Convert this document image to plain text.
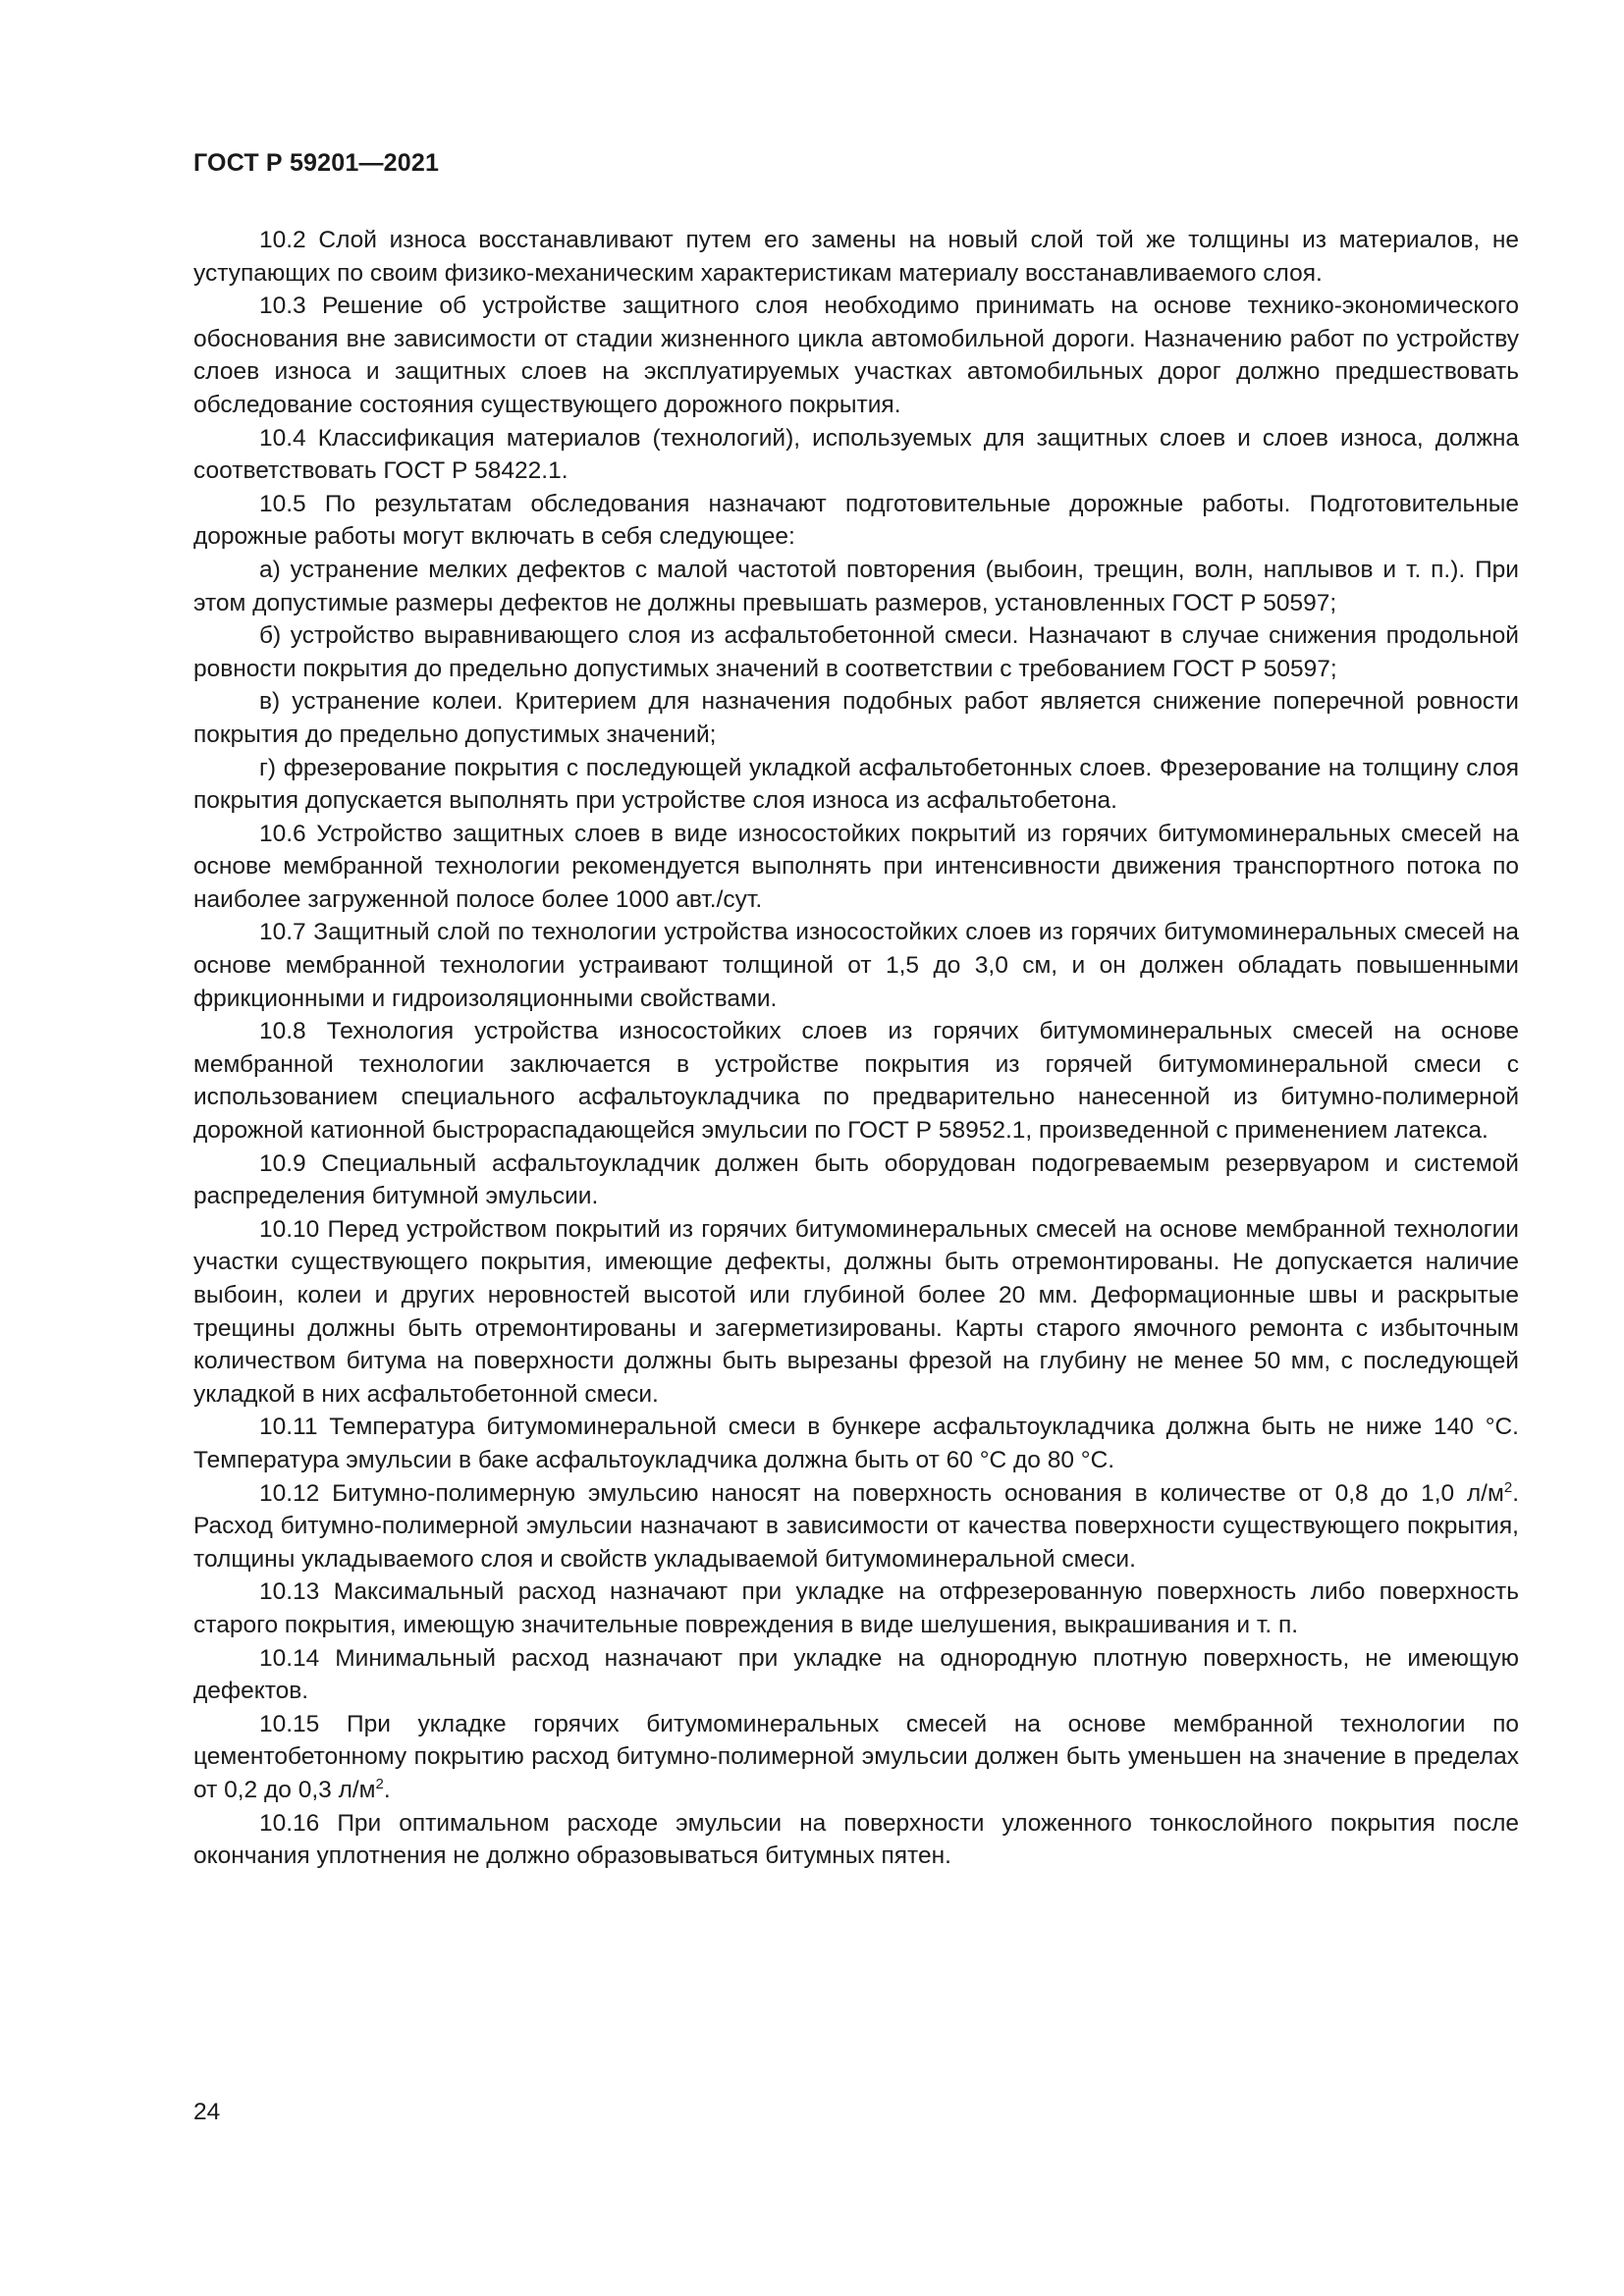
ГОСТ Р 59201—2021

10.2 Слой износа восстанавливают путем его замены на новый слой той же толщины из материалов, не уступающих по своим физико-механическим характеристикам материалу восстанавливаемого слоя.

10.3 Решение об устройстве защитного слоя необходимо принимать на основе технико-экономического обоснования вне зависимости от стадии жизненного цикла автомобильной дороги. Назначению работ по устройству слоев износа и защитных слоев на эксплуатируемых участках автомобильных дорог должно предшествовать обследование состояния существующего дорожного покрытия.

10.4 Классификация материалов (технологий), используемых для защитных слоев и слоев износа, должна соответствовать ГОСТ Р 58422.1.

10.5 По результатам обследования назначают подготовительные дорожные работы. Подготовительные дорожные работы могут включать в себя следующее:

а) устранение мелких дефектов с малой частотой повторения (выбоин, трещин, волн, наплывов и т. п.). При этом допустимые размеры дефектов не должны превышать размеров, установленных ГОСТ Р 50597;

б) устройство выравнивающего слоя из асфальтобетонной смеси. Назначают в случае снижения продольной ровности покрытия до предельно допустимых значений в соответствии с требованием ГОСТ Р 50597;

в) устранение колеи. Критерием для назначения подобных работ является снижение поперечной ровности покрытия до предельно допустимых значений;

г) фрезерование покрытия с последующей укладкой асфальтобетонных слоев. Фрезерование на толщину слоя покрытия допускается выполнять при устройстве слоя износа из асфальтобетона.

10.6 Устройство защитных слоев в виде износостойких покрытий из горячих битумоминеральных смесей на основе мембранной технологии рекомендуется выполнять при интенсивности движения транспортного потока по наиболее загруженной полосе более 1000 авт./сут.

10.7 Защитный слой по технологии устройства износостойких слоев из горячих битумоминеральных смесей на основе мембранной технологии устраивают толщиной от 1,5 до 3,0 см, и он должен обладать повышенными фрикционными и гидроизоляционными свойствами.

10.8 Технология устройства износостойких слоев из горячих битумоминеральных смесей на основе мембранной технологии заключается в устройстве покрытия из горячей битумоминеральной смеси с использованием специального асфальтоукладчика по предварительно нанесенной из битумно-полимерной дорожной катионной быстрораспадающейся эмульсии по ГОСТ Р 58952.1, произведенной с применением латекса.

10.9 Специальный асфальтоукладчик должен быть оборудован подогреваемым резервуаром и системой распределения битумной эмульсии.

10.10 Перед устройством покрытий из горячих битумоминеральных смесей на основе мембранной технологии участки существующего покрытия, имеющие дефекты, должны быть отремонтированы. Не допускается наличие выбоин, колеи и других неровностей высотой или глубиной более 20 мм. Деформационные швы и раскрытые трещины должны быть отремонтированы и загерметизированы. Карты старого ямочного ремонта с избыточным количеством битума на поверхности должны быть вырезаны фрезой на глубину не менее 50 мм, с последующей укладкой в них асфальтобетонной смеси.

10.11 Температура битумоминеральной смеси в бункере асфальтоукладчика должна быть не ниже 140 °С. Температура эмульсии в баке асфальтоукладчика должна быть от 60 °С до 80 °С.

10.12 Битумно-полимерную эмульсию наносят на поверхность основания в количестве от 0,8 до 1,0 $л/м^2$. Расход битумно-полимерной эмульсии назначают в зависимости от качества поверхности существующего покрытия, толщины укладываемого слоя и свойств укладываемой битумоминеральной смеси.

10.13 Максимальный расход назначают при укладке на отфрезерованную поверхность либо поверхность старого покрытия, имеющую значительные повреждения в виде шелушения, выкрашивания и т. п.

10.14 Минимальный расход назначают при укладке на однородную плотную поверхность, не имеющую дефектов.

10.15 При укладке горячих битумоминеральных смесей на основе мембранной технологии по цементобетонному покрытию расход битумно-полимерной эмульсии должен быть уменьшен на значение в пределах от 0,2 до 0,3 $л/м^2$.

10.16 При оптимальном расходе эмульсии на поверхности уложенного тонкослойного покрытия после окончания уплотнения не должно образовываться битумных пятен.

24
